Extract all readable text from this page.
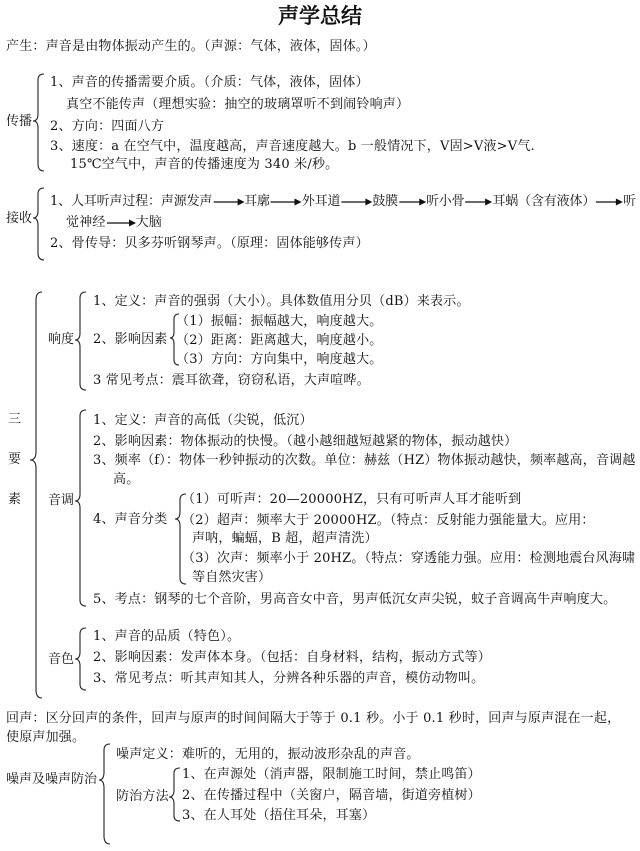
声学总结
产生：声音是由物体振动产生的。（声源：气体，液体，固体。）
传播
1、声音的传播需要介质。（介质：气体，液体，固体）
真空不能传声（理想实验：抽空的玻璃罩听不到闹铃响声）
2、方向：四面八方
3、速度：a 在空气中，温度越高，声音速度越大。b 一般情况下，V固>V液>V气.
15℃空气中，声音的传播速度为 340 米/秒。
接收
1、人耳听声过程：声源发声 耳廓 外耳道 鼓膜 听小骨 耳蜗（含有液体） 听
觉神经 大脑
2、骨传导：贝多芬听钢琴声。（原理：固体能够传声）
三
要
素
响度
1、定义：声音的强弱（大小）。具体数值用分贝（dB）来表示。
2、影响因素
（1）振幅：振幅越大，响度越大。
（2）距离：距离越大，响度越小。
（3）方向：方向集中，响度越大。
3 常见考点：震耳欲聋，窃窃私语，大声喧哗。
音调
1、定义：声音的高低（尖锐，低沉）
2、影响因素：物体振动的快慢。（越小越细越短越紧的物体，振动越快）
3、频率（f）：物体一秒钟振动的次数。单位：赫兹（HZ）物体振动越快，频率越高，音调越
高。
4、声音分类
（1）可听声：20—20000HZ，只有可听声人耳才能听到
（2）超声：频率大于 20000HZ。（特点：反射能力强能量大。应用：
声呐，蝙蝠，B 超，超声清洗）
（3）次声：频率小于 20HZ。（特点：穿透能力强。应用：检测地震台风海啸
等自然灾害）
5、考点：钢琴的七个音阶，男高音女中音，男声低沉女声尖锐，蚊子音调高牛声响度大。
音色
1、声音的品质（特色）。
2、影响因素：发声体本身。（包括：自身材料，结构，振动方式等）
3、常见考点：听其声知其人，分辨各种乐器的声音，模仿动物叫。
回声：区分回声的条件，回声与原声的时间间隔大于等于 0.1 秒。小于 0.1 秒时，回声与原声混在一起，
使原声加强。
噪声及噪声防治
噪声定义：难听的，无用的，振动波形杂乱的声音。
防治方法
1、在声源处（消声器，限制施工时间，禁止鸣笛）
2、在传播过程中（关窗户，隔音墙，街道旁植树）
3、在人耳处（捂住耳朵，耳塞）
